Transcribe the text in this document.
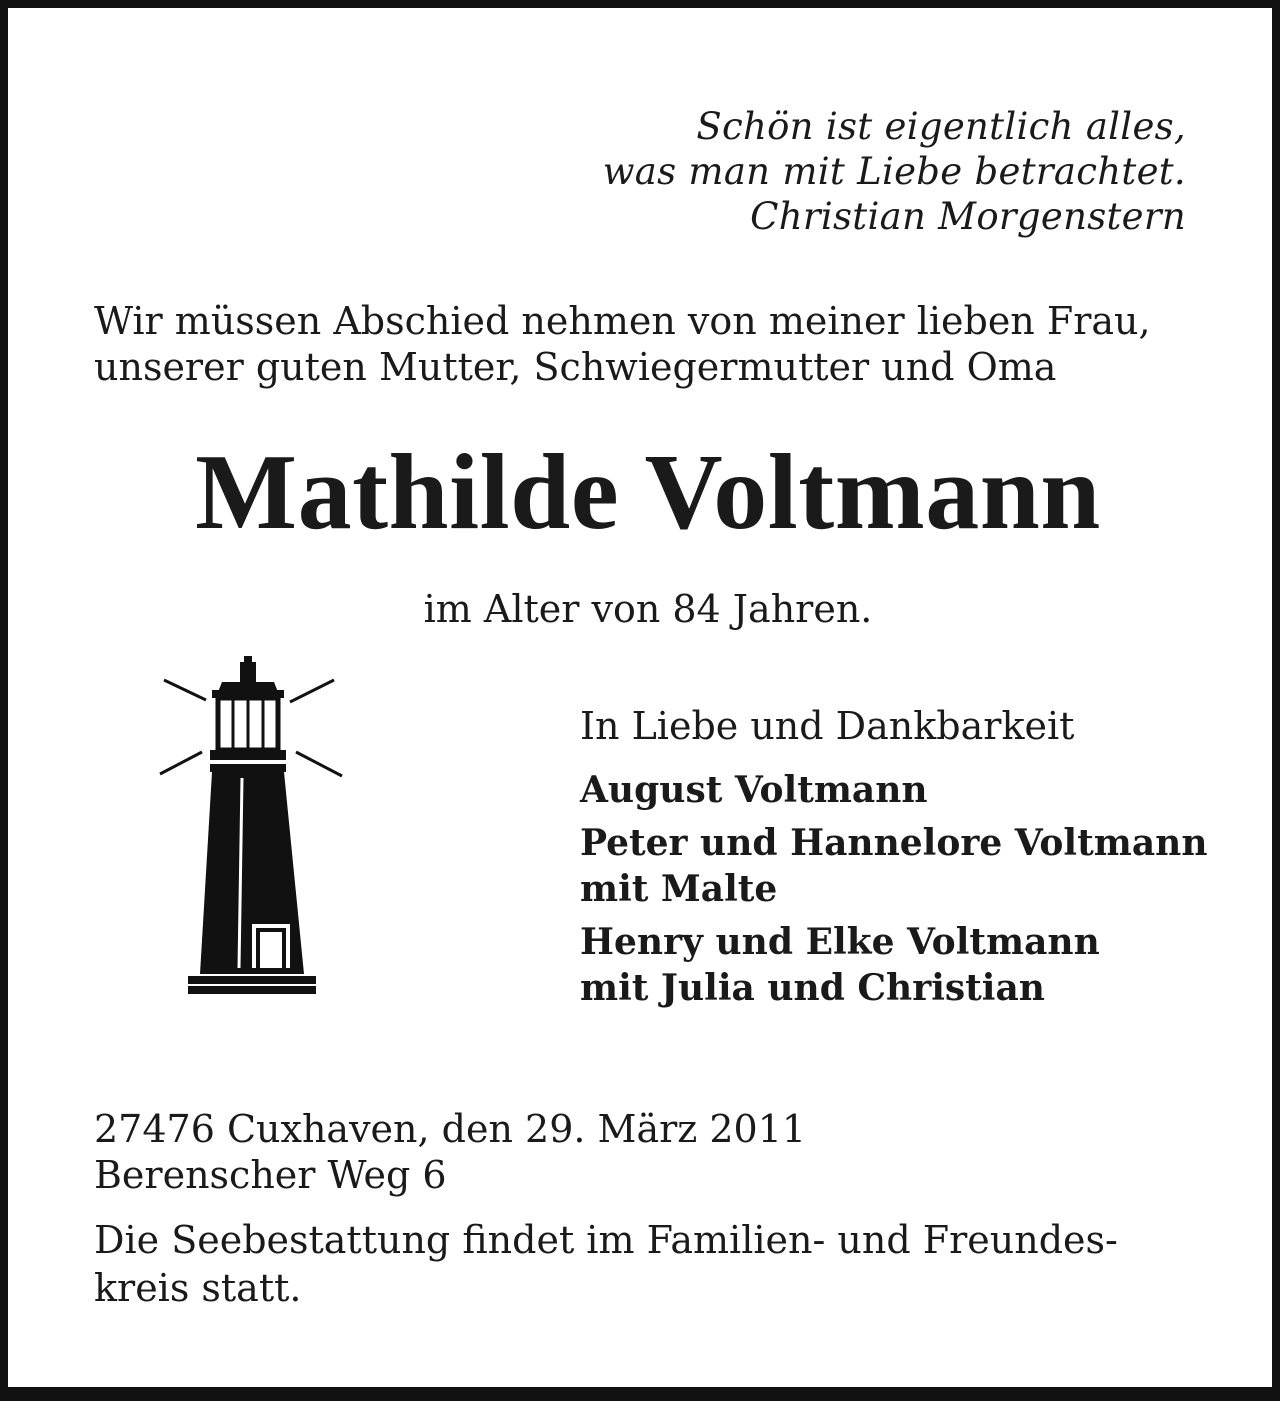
Schön ist eigentlich alles,
was man mit Liebe betrachtet.
Christian Morgenstern
Wir müssen Abschied nehmen von meiner lieben Frau,
unserer guten Mutter, Schwiegermutter und Oma
Mathilde Voltmann
im Alter von 84 Jahren.
In Liebe und Dankbarkeit
August Voltmann
Peter und Hannelore Voltmann
mit Malte
Henry und Elke Voltmann
mit Julia und Christian
27476 Cuxhaven, den 29. März 2011
Berenscher Weg 6
Die Seebestattung findet im Familien- und Freundes-
kreis statt.
